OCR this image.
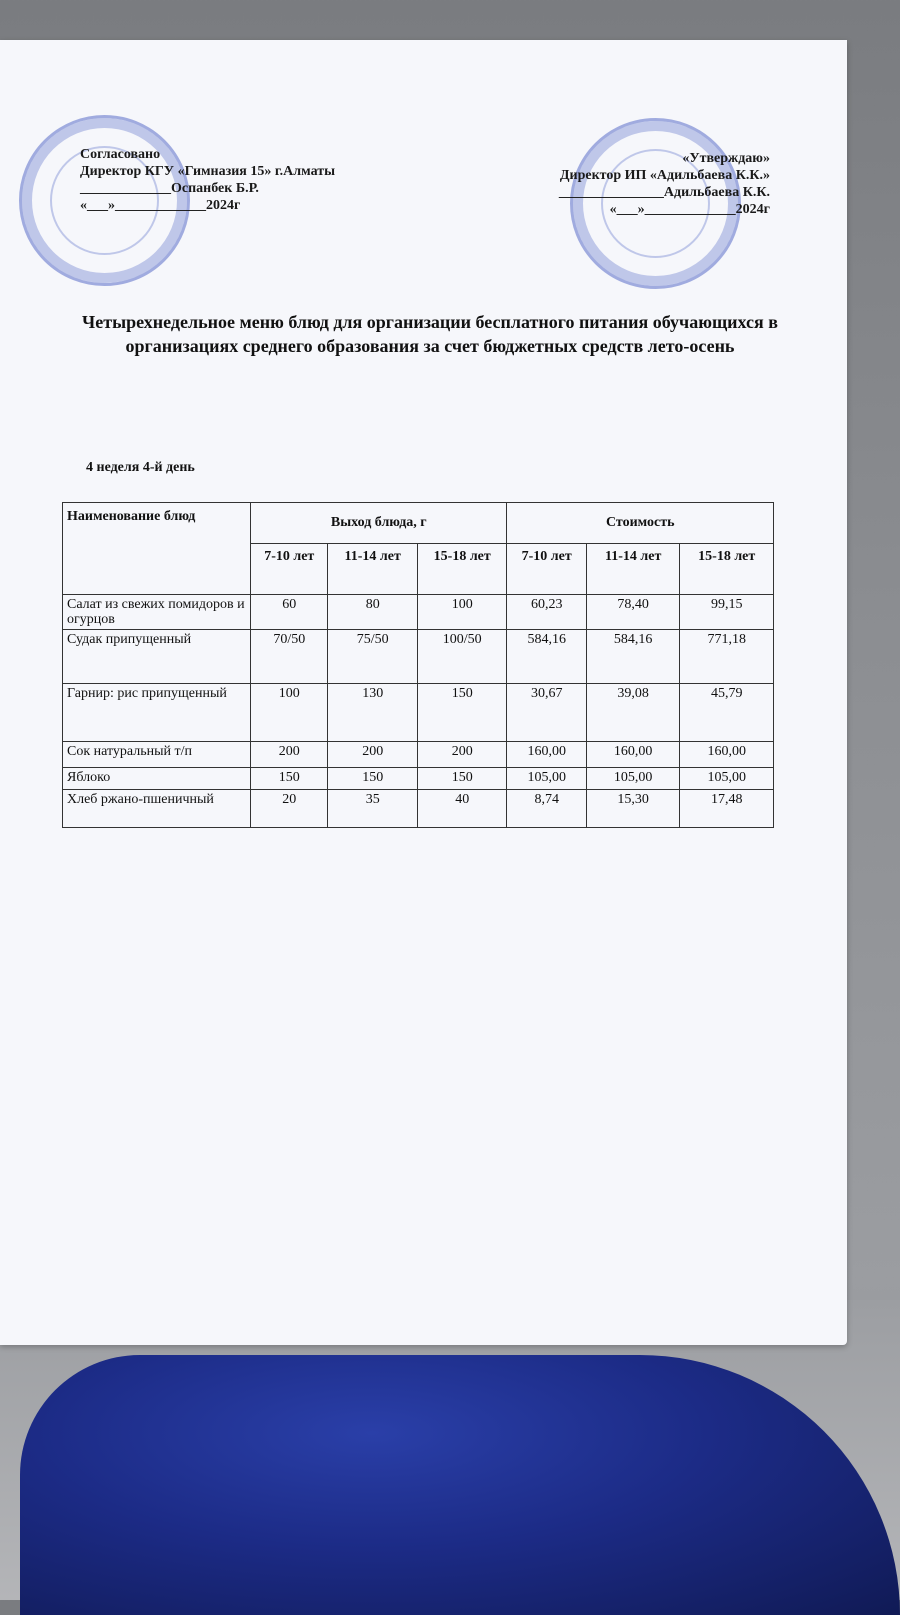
Согласовано
Директор КГУ «Гимназия 15» г.Алматы
_____________Оспанбек Б.Р.
«___»_____________2024г
«Утверждаю»
Директор ИП «Адильбаева К.К.»
_______________Адильбаева К.К.
«___»_____________2024г
Четырехнедельное меню блюд для организации бесплатного питания обучающихся в организациях среднего образования за счет бюджетных средств лето-осень
4 неделя 4-й день
Наименование блюд	Выход блюда, г			Стоимость		
	7-10 лет	11-14 лет	15-18 лет	7-10 лет	11-14 лет	15-18 лет
Салат из свежих помидоров и огурцов	60	80	100	60,23	78,40	99,15
Судак припущенный	70/50	75/50	100/50	584,16	584,16	771,18
Гарнир: рис припущенный	100	130	150	30,67	39,08	45,79
Сок натуральный т/п	200	200	200	160,00	160,00	160,00
Яблоко	150	150	150	105,00	105,00	105,00
Хлеб ржано-пшеничный	20	35	40	8,74	15,30	17,48
